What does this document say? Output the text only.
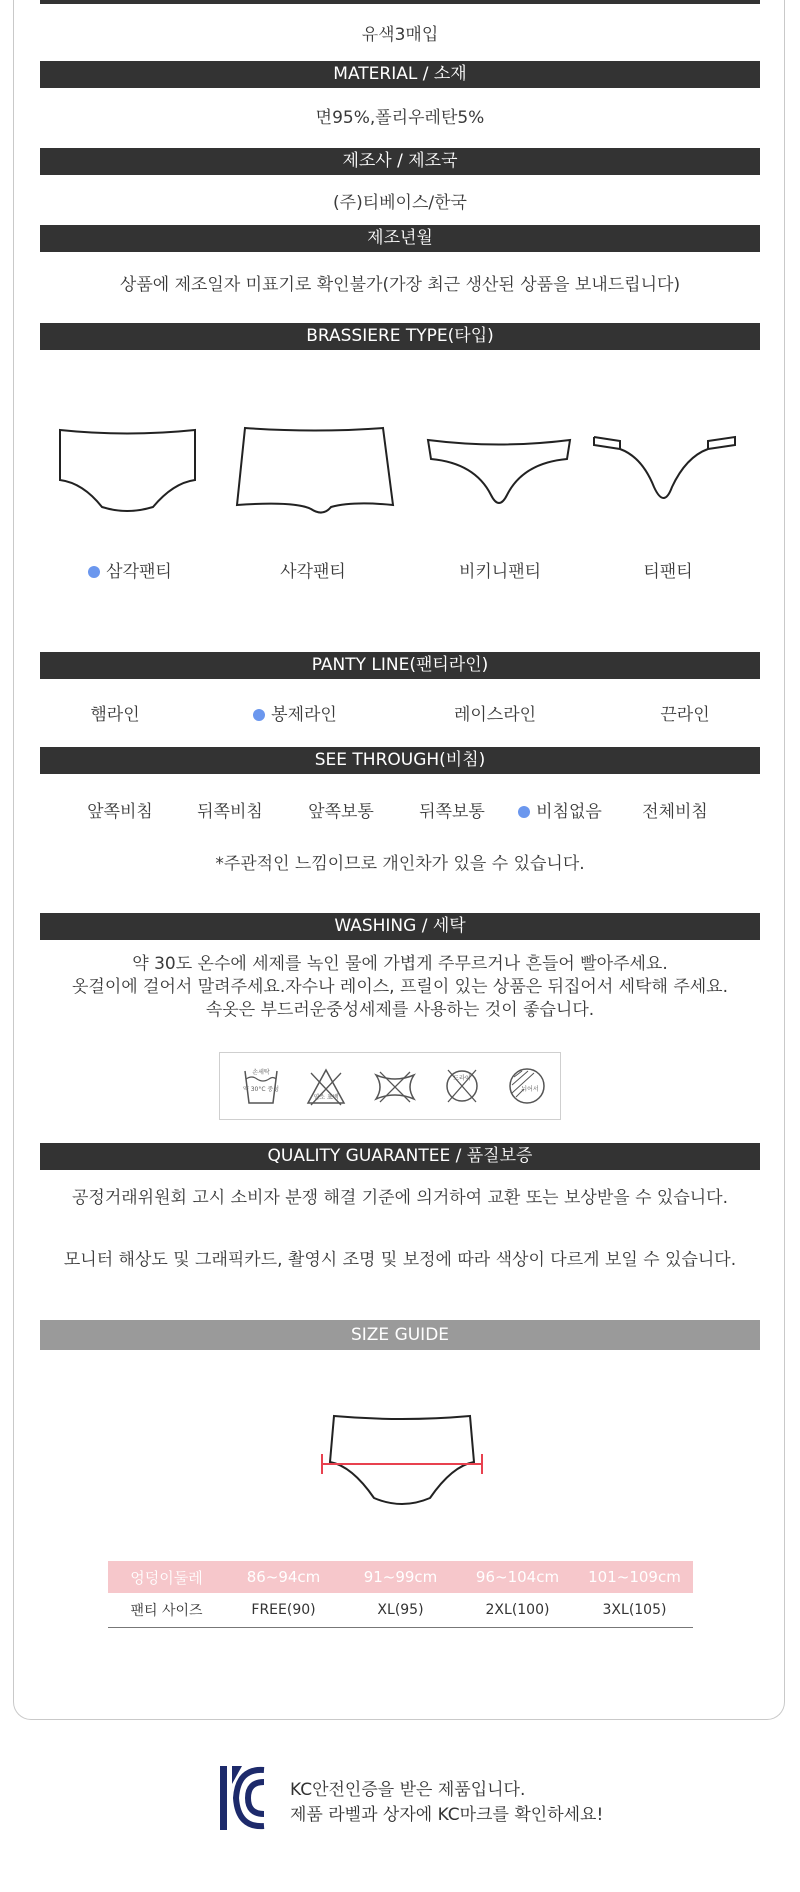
유색3매입
MATERIAL / 소재
면95%,폴리우레탄5%
제조사 / 제조국
(주)티베이스/한국
제조년월
상품에 제조일자 미표기로 확인불가(가장 최근 생산된 상품을 보내드립니다)
BRASSIERE TYPE(타입)
삼각팬티	사각팬티	비키니팬티	티팬티
PANTY LINE(팬티라인)
햄라인	봉제라인	레이스라인	끈라인
SEE THROUGH(비침)
앞쪽비침	뒤쪽비침	앞쪽보통	뒤쪽보통	비침없음	전체비침
*주관적인 느낌이므로 개인차가 있을 수 있습니다.
WASHING / 세탁
약 30도 온수에 세제를 녹인 물에 가볍게 주무르거나 흔들어 빨아주세요.
옷걸이에 걸어서 말려주세요.자수나 레이스, 프릴이 있는 상품은 뒤집어서 세탁해 주세요.
속옷은 부드러운중성세제를 사용하는 것이 좋습니다.
손세탁
약 30°C 중성
염소 표백
드라이
뉘어서
QUALITY GUARANTEE / 품질보증
공정거래위원회 고시 소비자 분쟁 해결 기준에 의거하여 교환 또는 보상받을 수 있습니다.
모니터 해상도 및 그래픽카드, 촬영시 조명 및 보정에 따라 색상이 다르게 보일 수 있습니다.
SIZE GUIDE
엉덩이둘레	86~94cm	91~99cm	96~104cm	101~109cm
팬티 사이즈	FREE(90)	XL(95)	2XL(100)	3XL(105)
KC안전인증을 받은 제품입니다.
제품 라벨과 상자에 KC마크를 확인하세요!
